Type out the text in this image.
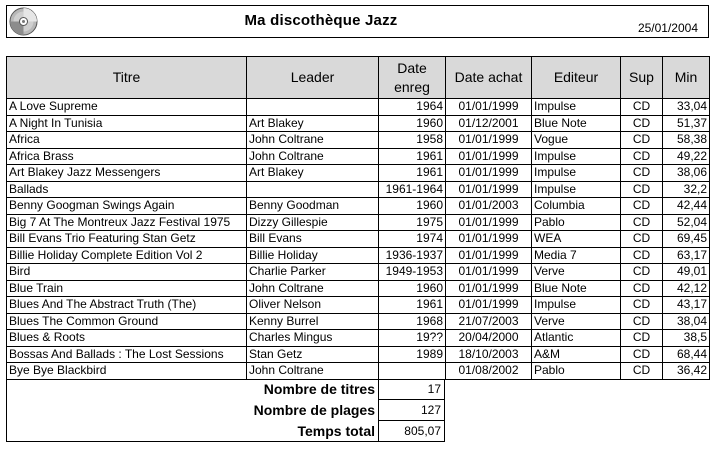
Ma discothèque Jazz	25/01/2004
Titre	Leader	Date enreg	Date achat	Editeur	Sup	Min
A Love Supreme		1964	01/01/1999	Impulse	CD	33,04
A Night In Tunisia	Art Blakey	1960	01/12/2001	Blue Note	CD	51,37
Africa	John Coltrane	1958	01/01/1999	Vogue	CD	58,38
Africa Brass	John Coltrane	1961	01/01/1999	Impulse	CD	49,22
Art Blakey Jazz Messengers	Art Blakey	1961	01/01/1999	Impulse	CD	38,06
Ballads		1961-1964	01/01/1999	Impulse	CD	32,2
Benny Googman Swings Again	Benny Goodman	1960	01/01/2003	Columbia	CD	42,44
Big 7 At The Montreux Jazz Festival 1975	Dizzy Gillespie	1975	01/01/1999	Pablo	CD	52,04
Bill Evans Trio Featuring Stan Getz	Bill Evans	1974	01/01/1999	WEA	CD	69,45
Billie Holiday Complete Edition Vol 2	Billie Holiday	1936-1937	01/01/1999	Media 7	CD	63,17
Bird	Charlie Parker	1949-1953	01/01/1999	Verve	CD	49,01
Blue Train	John Coltrane	1960	01/01/1999	Blue Note	CD	42,12
Blues And The Abstract Truth (The)	Oliver Nelson	1961	01/01/1999	Impulse	CD	43,17
Blues The Common Ground	Kenny Burrel	1968	21/07/2003	Verve	CD	38,04
Blues & Roots	Charles Mingus	19??	20/04/2000	Atlantic	CD	38,5
Bossas And Ballads : The Lost Sessions	Stan Getz	1989	18/10/2003	A&M	CD	68,44
Bye Bye Blackbird	John Coltrane		01/08/2002	Pablo	CD	36,42
Nombre de titres	17
Nombre de plages	127
Temps total	805,07
